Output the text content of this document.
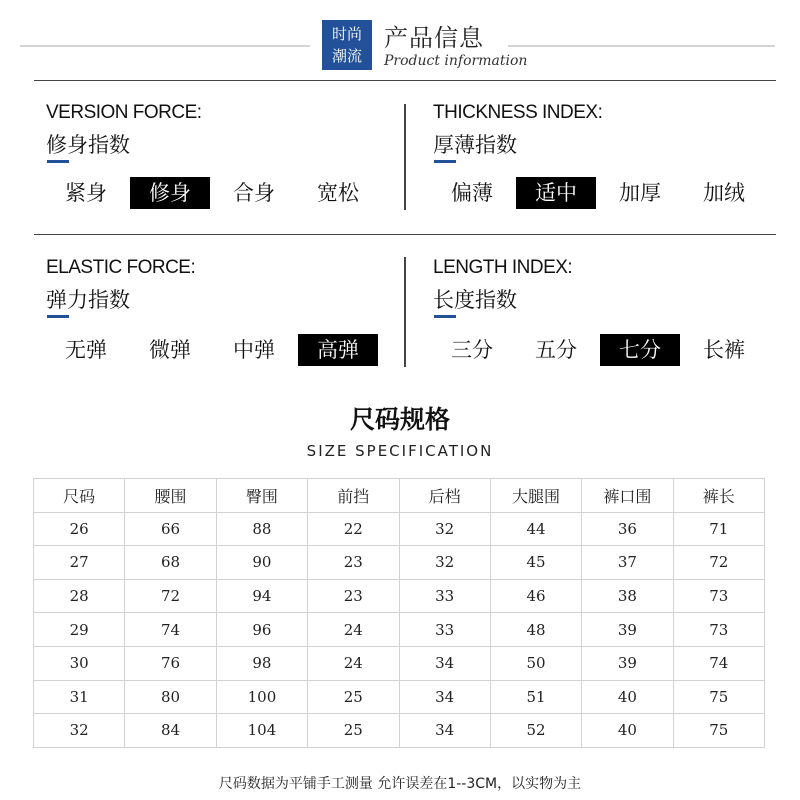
时尚
潮流
产品信息
Product information
VERSION FORCE:
修身指数
紧身	修身	合身	宽松
THICKNESS INDEX:
厚薄指数
偏薄	适中	加厚	加绒
ELASTIC FORCE:
弹力指数
无弹	微弹	中弹	高弹
LENGTH INDEX:
长度指数
三分	五分	七分	长裤
尺码规格
SIZE SPECIFICATION
尺码	腰围	臀围	前挡	后档	大腿围	裤口围	裤长
26	66	88	22	32	44	36	71
27	68	90	23	32	45	37	72
28	72	94	23	33	46	38	73
29	74	96	24	33	48	39	73
30	76	98	24	34	50	39	74
31	80	100	25	34	51	40	75
32	84	104	25	34	52	40	75
尺码数据为平铺手工测量 允许误差在1--3CM，以实物为主
